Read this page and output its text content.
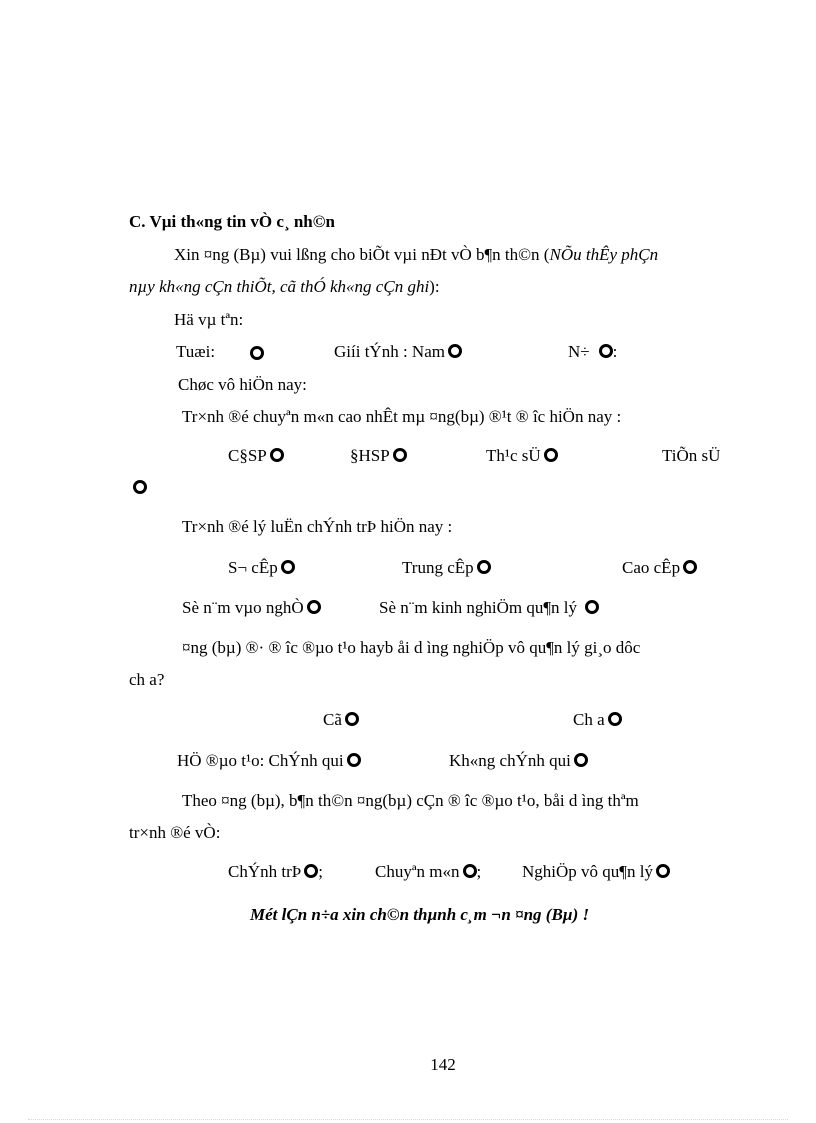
C. Vµi th«ng tin vÒ c¸ nh©n
Xin ¤ng (Bµ) vui lßng cho biÕt vµi nÐt vÒ b¶n th©n (NÕu thÊy phÇn
nµy kh«ng cÇn thiÕt, cã thÓ kh«ng cÇn ghi):
Hä vµ tªn:
Tuæi:	Giíi tÝnh : Nam	N÷ :
Chøc vô hiÖn nay:
Tr×nh ®é chuyªn m«n cao nhÊt mµ ¤ng(bµ) ®¹t ® îc hiÖn nay :
C§SP	§HSP	Th¹c sÜ	TiÕn sÜ
Tr×nh ®é lý luËn chÝnh trÞ hiÖn nay :
S¬ cÊp	Trung cÊp	Cao cÊp
Sè n¨m vµo nghÒ	Sè n¨m kinh nghiÖm qu¶n lý
¤ng (bµ) ®· ® îc ®µo t¹o hayb åi d ìng nghiÖp vô qu¶n lý gi¸o dôc
ch a?
Cã	Ch a
HÖ ®µo t¹o: ChÝnh qui	Kh«ng chÝnh qui
Theo ¤ng (bµ), b¶n th©n ¤ng(bµ) cÇn ® îc ®µo t¹o, båi d ìng thªm
tr×nh ®é vÒ:
ChÝnh trÞ ;	Chuyªn m«n ; NghiÖp vô qu¶n lý
Mét lÇn n÷a xin ch©n thµnh c¸m ¬n ¤ng (Bµ) !
142
